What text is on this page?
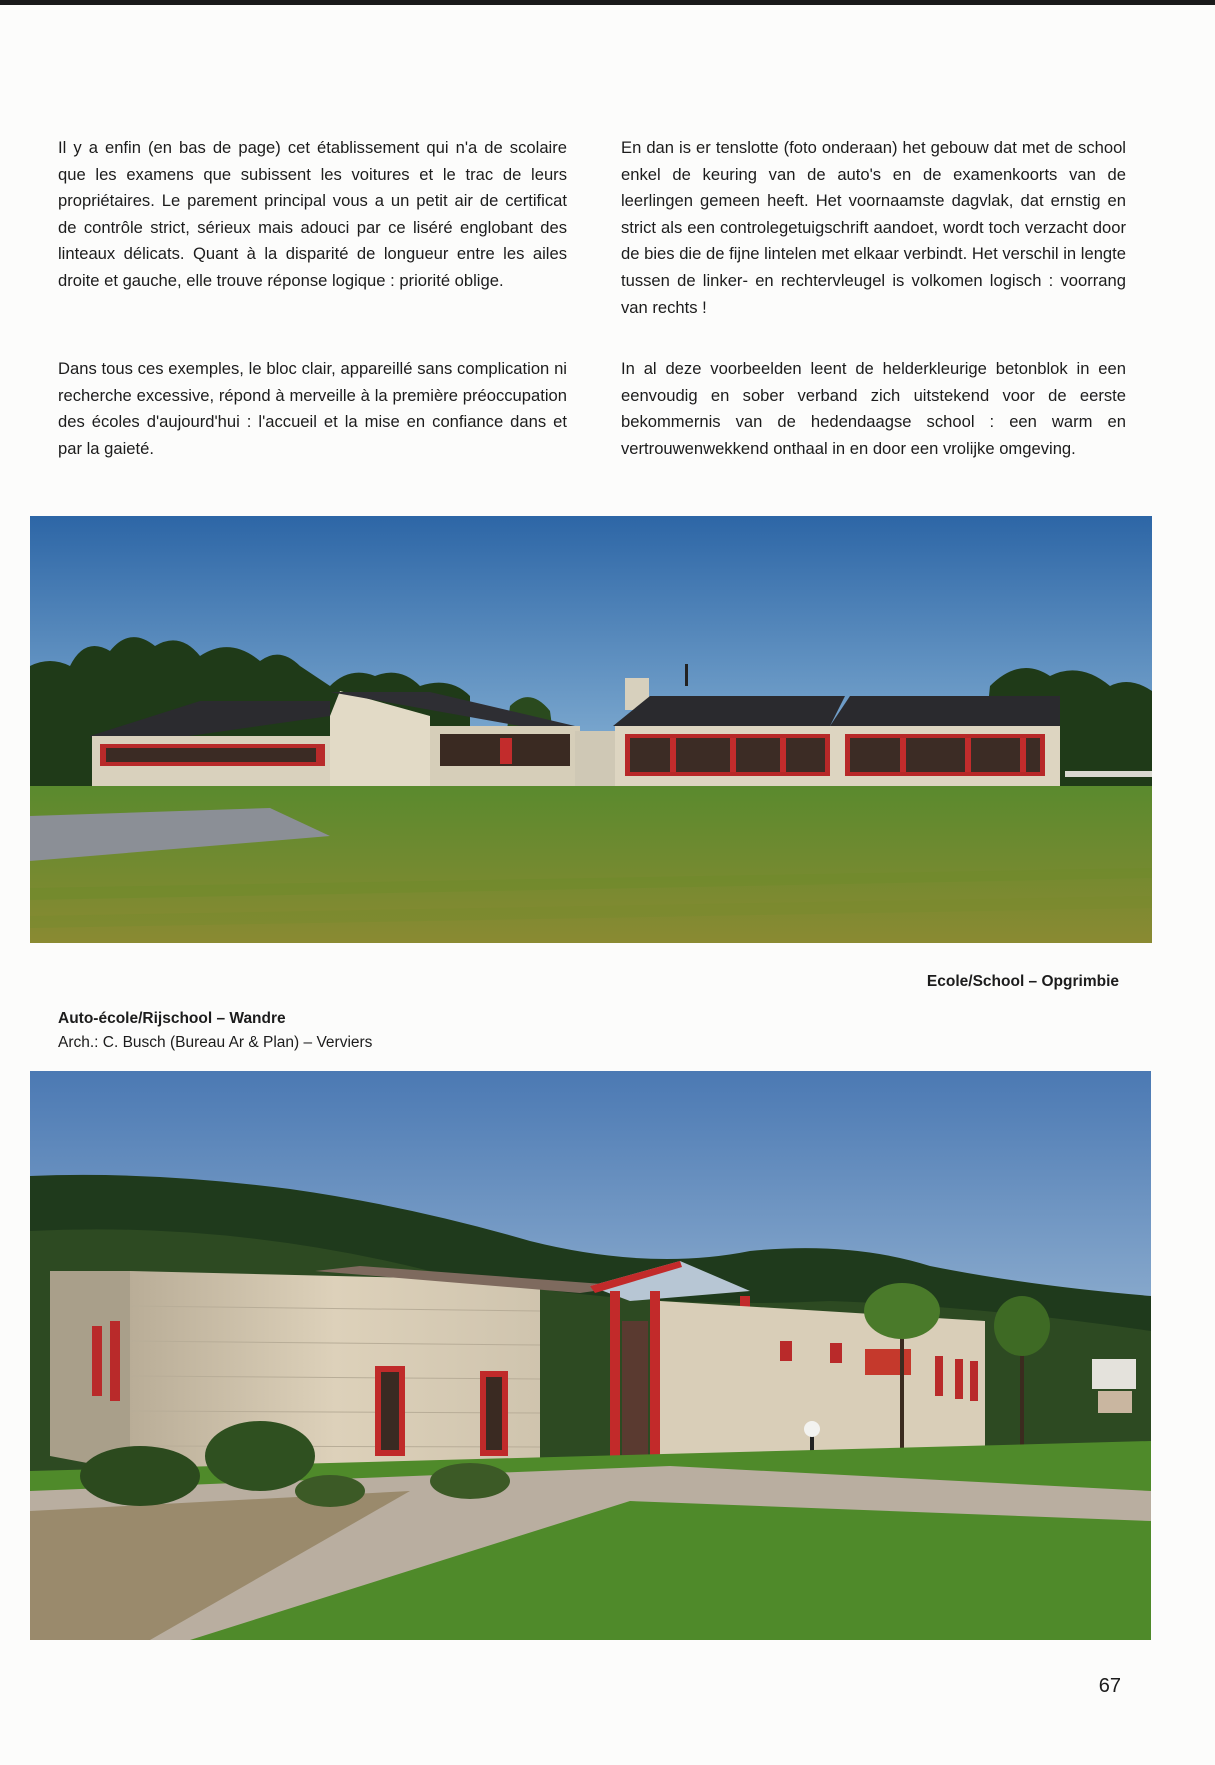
Il y a enfin (en bas de page) cet établissement qui n'a de scolaire que les examens que subissent les voitures et le trac de leurs propriétaires. Le parement principal vous a un petit air de certificat de contrôle strict, sérieux mais adouci par ce liséré englobant des linteaux délicats. Quant à la disparité de longueur entre les ailes droite et gauche, elle trouve réponse logique : priorité oblige.

En dan is er tenslotte (foto onderaan) het gebouw dat met de school enkel de keuring van de auto's en de examenkoorts van de leerlingen gemeen heeft. Het voornaamste dagvlak, dat ernstig en strict als een controlegetuigschrift aandoet, wordt toch verzacht door de bies die de fijne lintelen met elkaar verbindt. Het verschil in lengte tussen de linker- en rechtervleugel is volkomen logisch : voorrang van rechts !

Dans tous ces exemples, le bloc clair, appareillé sans complication ni recherche excessive, répond à merveille à la première préoccupation des écoles d'aujourd'hui : l'accueil et la mise en confiance dans et par la gaieté.

In al deze voorbeelden leent de helderkleurige betonblok in een eenvoudig en sober verband zich uitstekend voor de eerste bekommernis van de hedendaagse school : een warm en vertrouwenwekkend onthaal in en door een vrolijke omgeving.

Ecole/School – Opgrimbie
Auto-école/Rijschool – Wandre
Arch.: C. Busch (Bureau Ar & Plan) – Verviers
67
